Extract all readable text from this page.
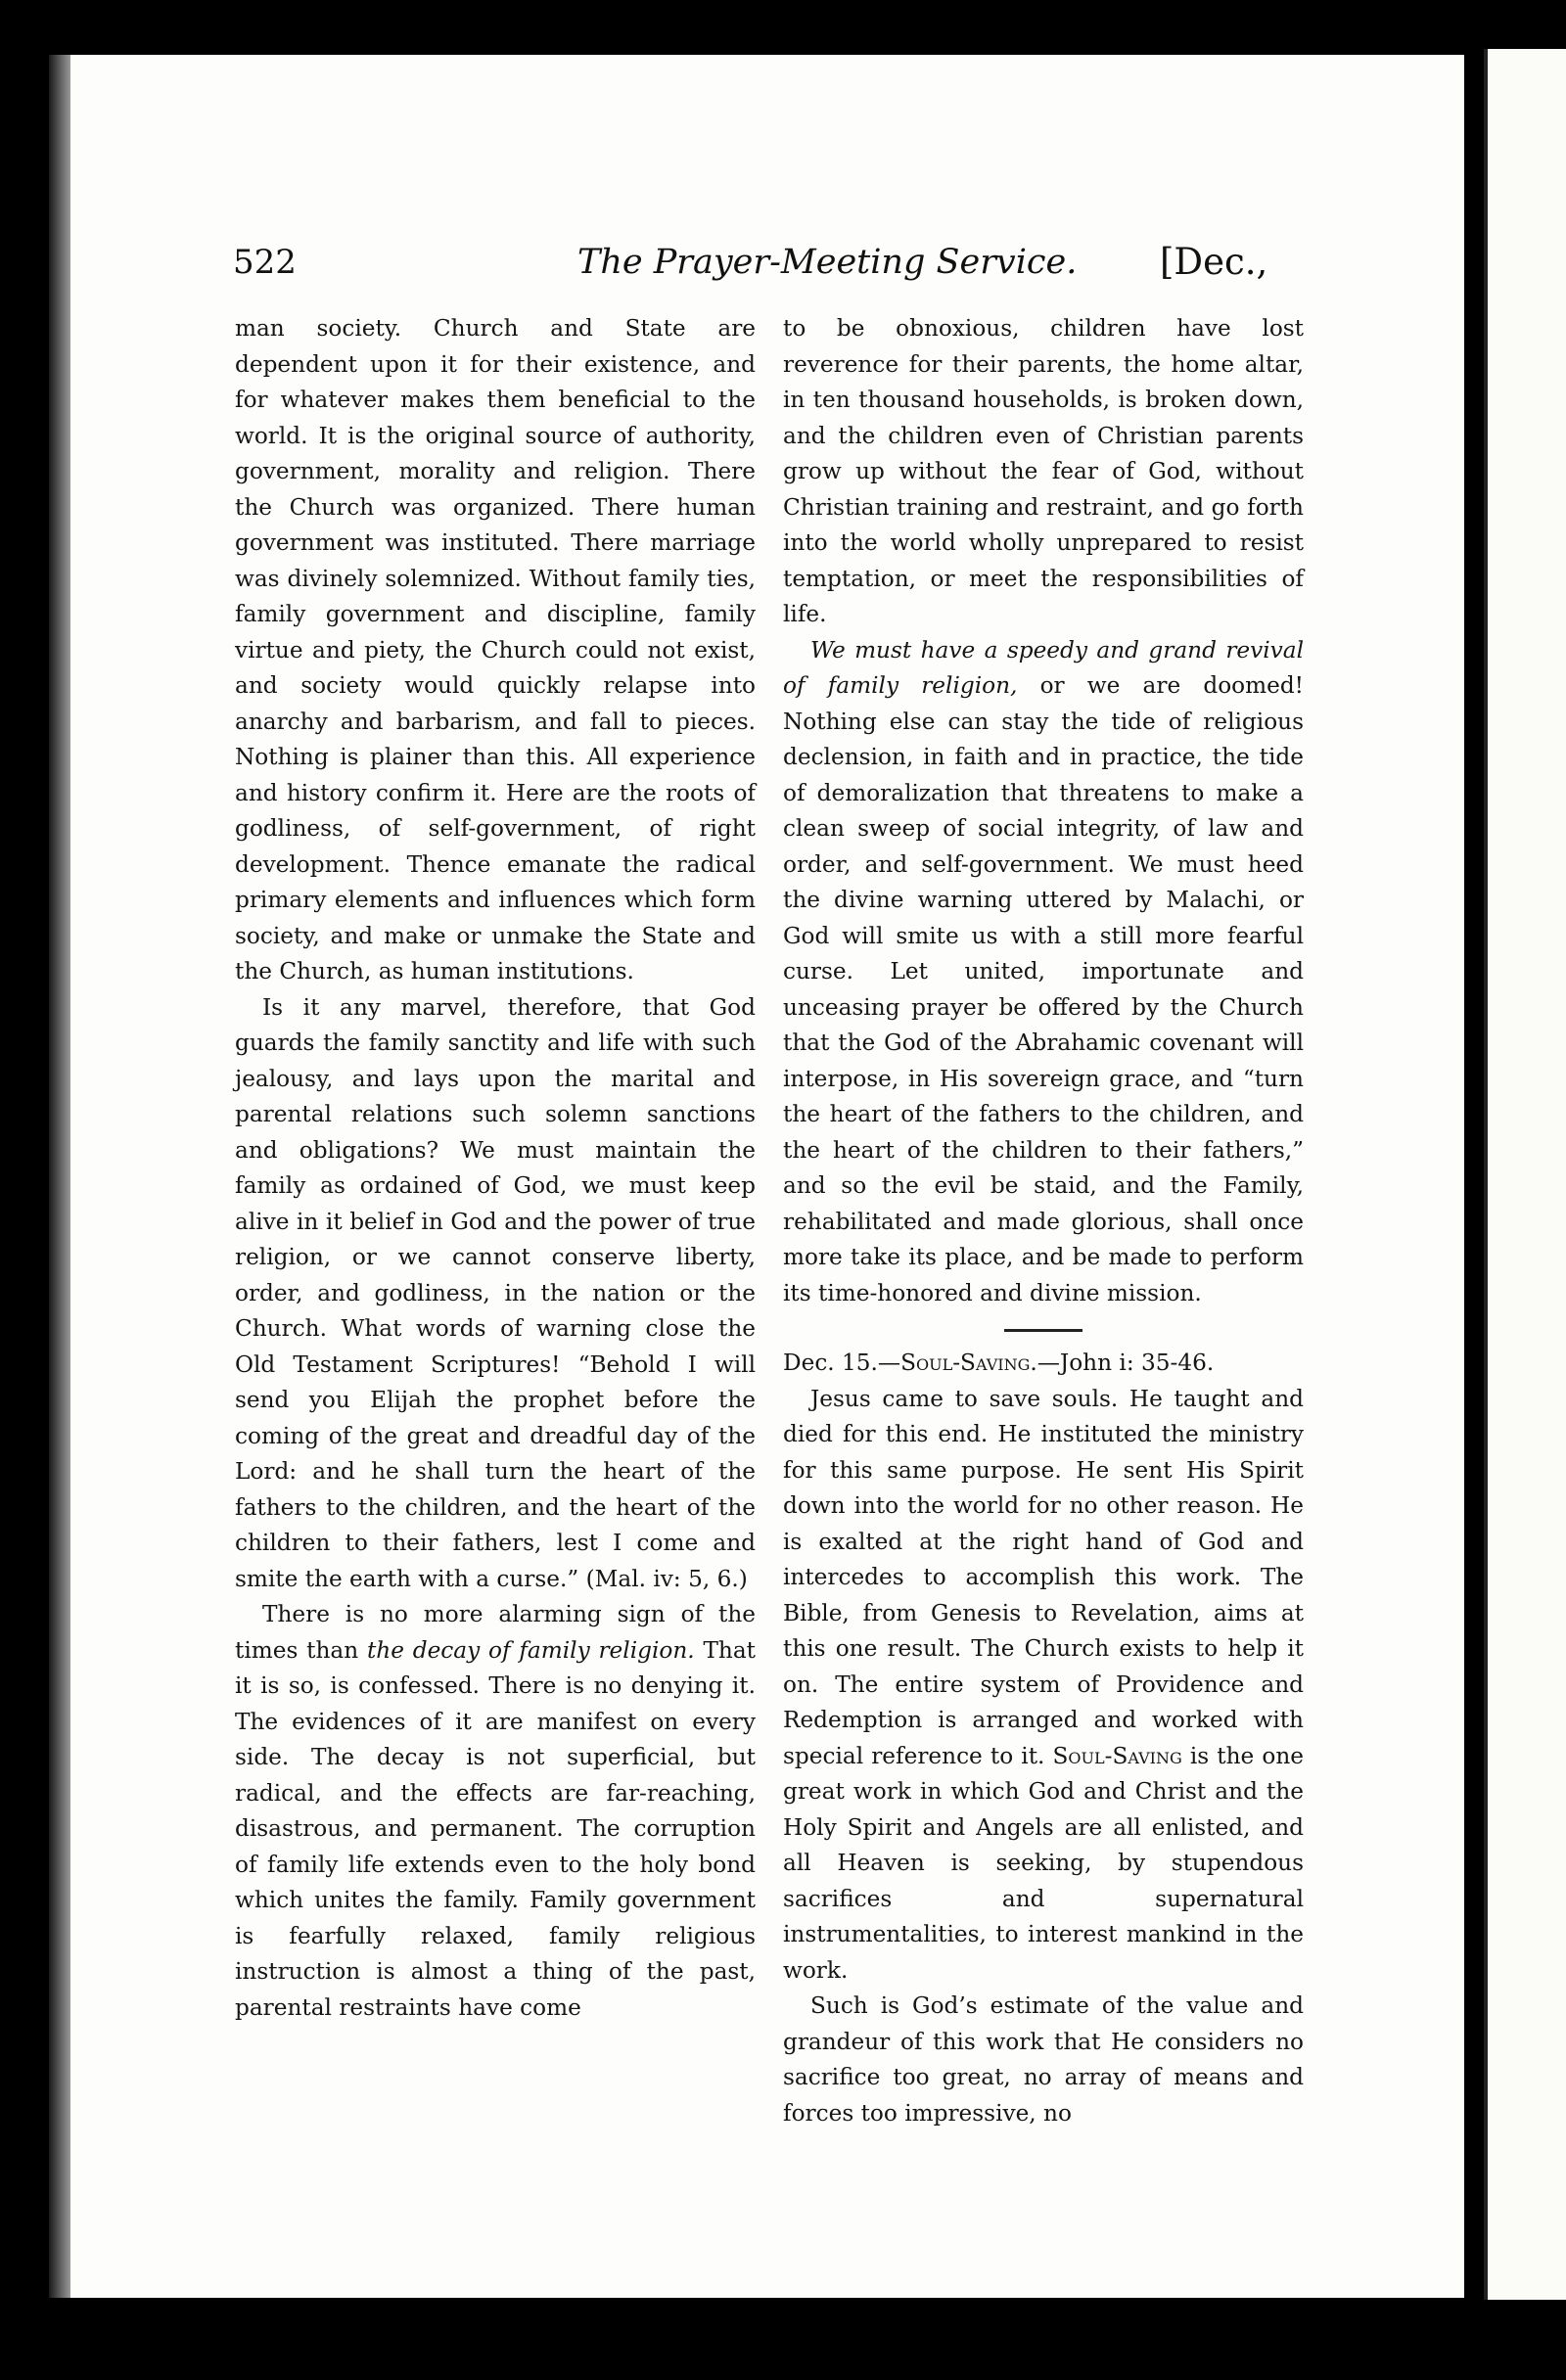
522	The Prayer-Meeting Service. [Dec.,

man society. Church and State are dependent upon it for their existence, and for whatever makes them beneficial to the world. It is the original source of authority, government, morality and religion. There the Church was organized. There human government was instituted. There marriage was divinely solemnized. Without family ties, family government and discipline, family virtue and piety, the Church could not exist, and society would quickly relapse into anarchy and barbarism, and fall to pieces. Nothing is plainer than this. All experience and history confirm it. Here are the roots of godliness, of self-government, of right development. Thence emanate the radical primary elements and influences which form society, and make or unmake the State and the Church, as human institutions.

Is it any marvel, therefore, that God guards the family sanctity and life with such jealousy, and lays upon the marital and parental relations such solemn sanctions and obligations? We must maintain the family as ordained of God, we must keep alive in it belief in God and the power of true religion, or we cannot conserve liberty, order, and godliness, in the nation or the Church. What words of warning close the Old Testament Scriptures! “Behold I will send you Elijah the prophet before the coming of the great and dreadful day of the Lord: and he shall turn the heart of the fathers to the children, and the heart of the children to their fathers, lest I come and smite the earth with a curse.” (Mal. iv: 5, 6.)

There is no more alarming sign of the times than the decay of family religion. That it is so, is confessed. There is no denying it. The evidences of it are manifest on every side. The decay is not superficial, but radical, and the effects are far-reaching, disastrous, and permanent. The corruption of family life extends even to the holy bond which unites the family. Family government is fearfully relaxed, family religious instruction is almost a thing of the past, parental restraints have come

to be obnoxious, children have lost reverence for their parents, the home altar, in ten thousand households, is broken down, and the children even of Christian parents grow up without the fear of God, without Christian training and restraint, and go forth into the world wholly unprepared to resist temptation, or meet the responsibilities of life.

We must have a speedy and grand revival of family religion, or we are doomed! Nothing else can stay the tide of religious declension, in faith and in practice, the tide of demoralization that threatens to make a clean sweep of social integrity, of law and order, and self-government. We must heed the divine warning uttered by Malachi, or God will smite us with a still more fearful curse. Let united, importunate and unceasing prayer be offered by the Church that the God of the Abrahamic covenant will interpose, in His sovereign grace, and “turn the heart of the fathers to the children, and the heart of the children to their fathers,” and so the evil be staid, and the Family, rehabilitated and made glorious, shall once more take its place, and be made to perform its time-honored and divine mission.

Dec. 15.—Soul-Saving.—John i: 35-46.

Jesus came to save souls. He taught and died for this end. He instituted the ministry for this same purpose. He sent His Spirit down into the world for no other reason. He is exalted at the right hand of God and intercedes to accomplish this work. The Bible, from Genesis to Revelation, aims at this one result. The Church exists to help it on. The entire system of Providence and Redemption is arranged and worked with special reference to it. Soul-Saving is the one great work in which God and Christ and the Holy Spirit and Angels are all enlisted, and all Heaven is seeking, by stupendous sacrifices and supernatural instrumentalities, to interest mankind in the work.

Such is God’s estimate of the value and grandeur of this work that He considers no sacrifice too great, no array of means and forces too impressive, no
